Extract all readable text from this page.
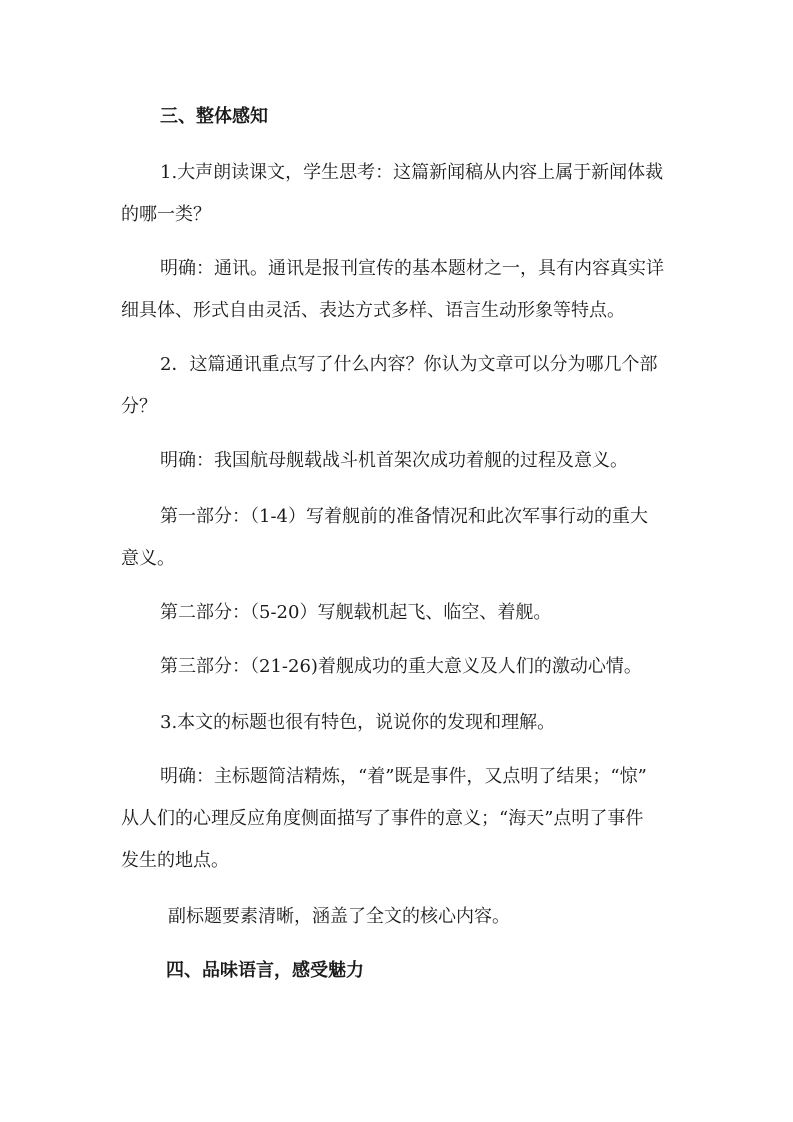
三、整体感知
1.大声朗读课文，学生思考：这篇新闻稿从内容上属于新闻体裁
的哪一类？
明确：通讯。通讯是报刊宣传的基本题材之一，具有内容真实详
细具体、形式自由灵活、表达方式多样、语言生动形象等特点。
2．这篇通讯重点写了什么内容？你认为文章可以分为哪几个部
分？
明确：我国航母舰载战斗机首架次成功着舰的过程及意义。
第一部分：（1-4）写着舰前的准备情况和此次军事行动的重大
意义。
第二部分：（5-20）写舰载机起飞、临空、着舰。
第三部分：（21-26)着舰成功的重大意义及人们的激动心情。
3.本文的标题也很有特色，说说你的发现和理解。
明确：主标题简洁精炼，“着”既是事件，又点明了结果；“惊”
从人们的心理反应角度侧面描写了事件的意义；“海天”点明了事件
发生的地点。
副标题要素清晰，涵盖了全文的核心内容。
四、品味语言，感受魅力
